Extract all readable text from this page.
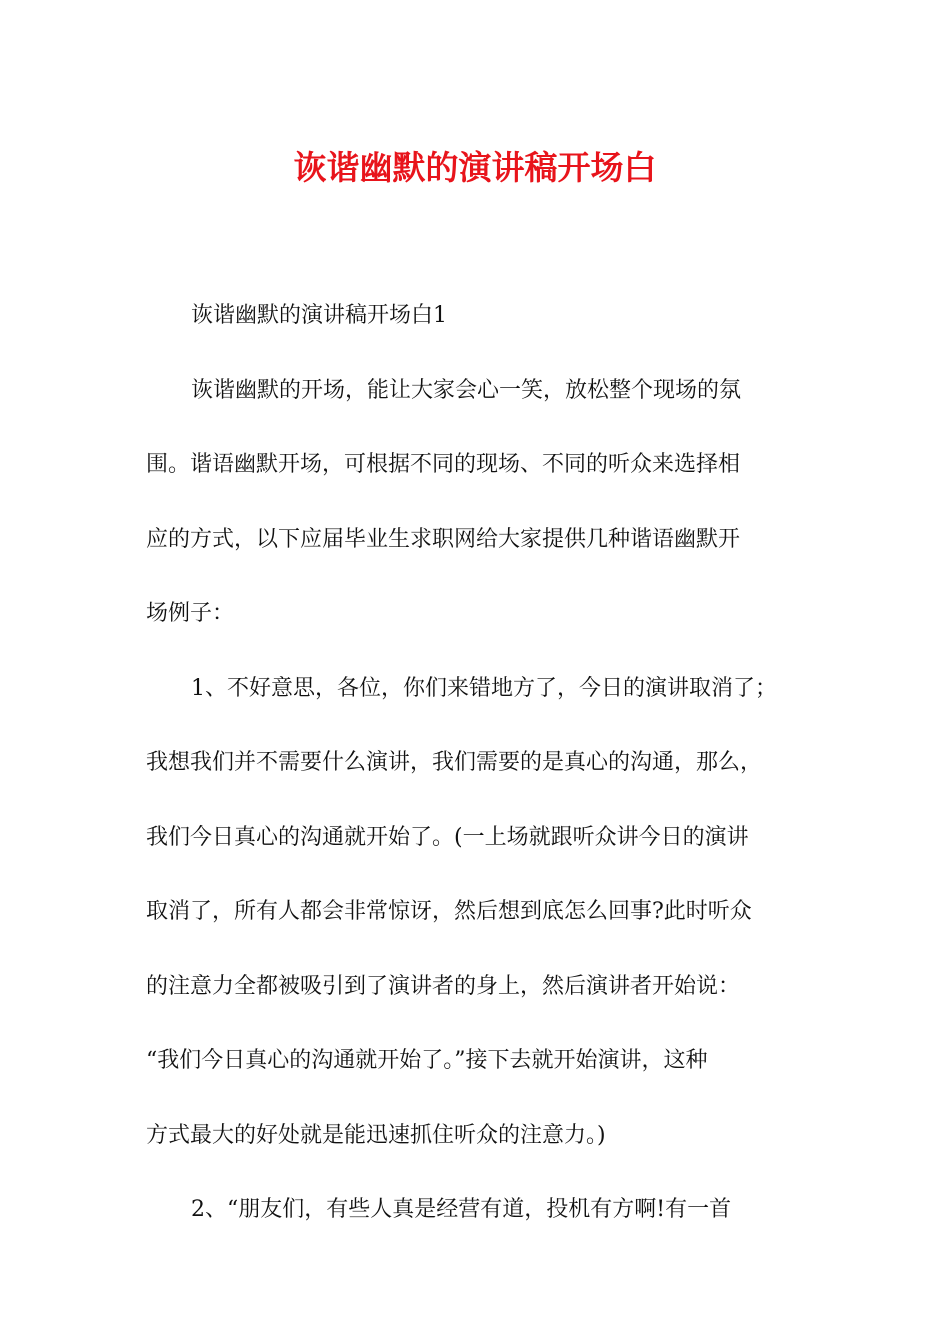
诙谐幽默的演讲稿开场白
诙谐幽默的演讲稿开场白1
诙谐幽默的开场，能让大家会心一笑，放松整个现场的氛
围。谐语幽默开场，可根据不同的现场、不同的听众来选择相
应的方式，以下应届毕业生求职网给大家提供几种谐语幽默开
场例子：
1、不好意思，各位，你们来错地方了，今日的演讲取消了；
我想我们并不需要什么演讲，我们需要的是真心的沟通，那么，
我们今日真心的沟通就开始了。(一上场就跟听众讲今日的演讲
取消了，所有人都会非常惊讶，然后想到底怎么回事?此时听众
的注意力全都被吸引到了演讲者的身上，然后演讲者开始说：
“我们今日真心的沟通就开始了。”接下去就开始演讲，这种
方式最大的好处就是能迅速抓住听众的注意力。)
2、“朋友们，有些人真是经营有道，投机有方啊!有一首
